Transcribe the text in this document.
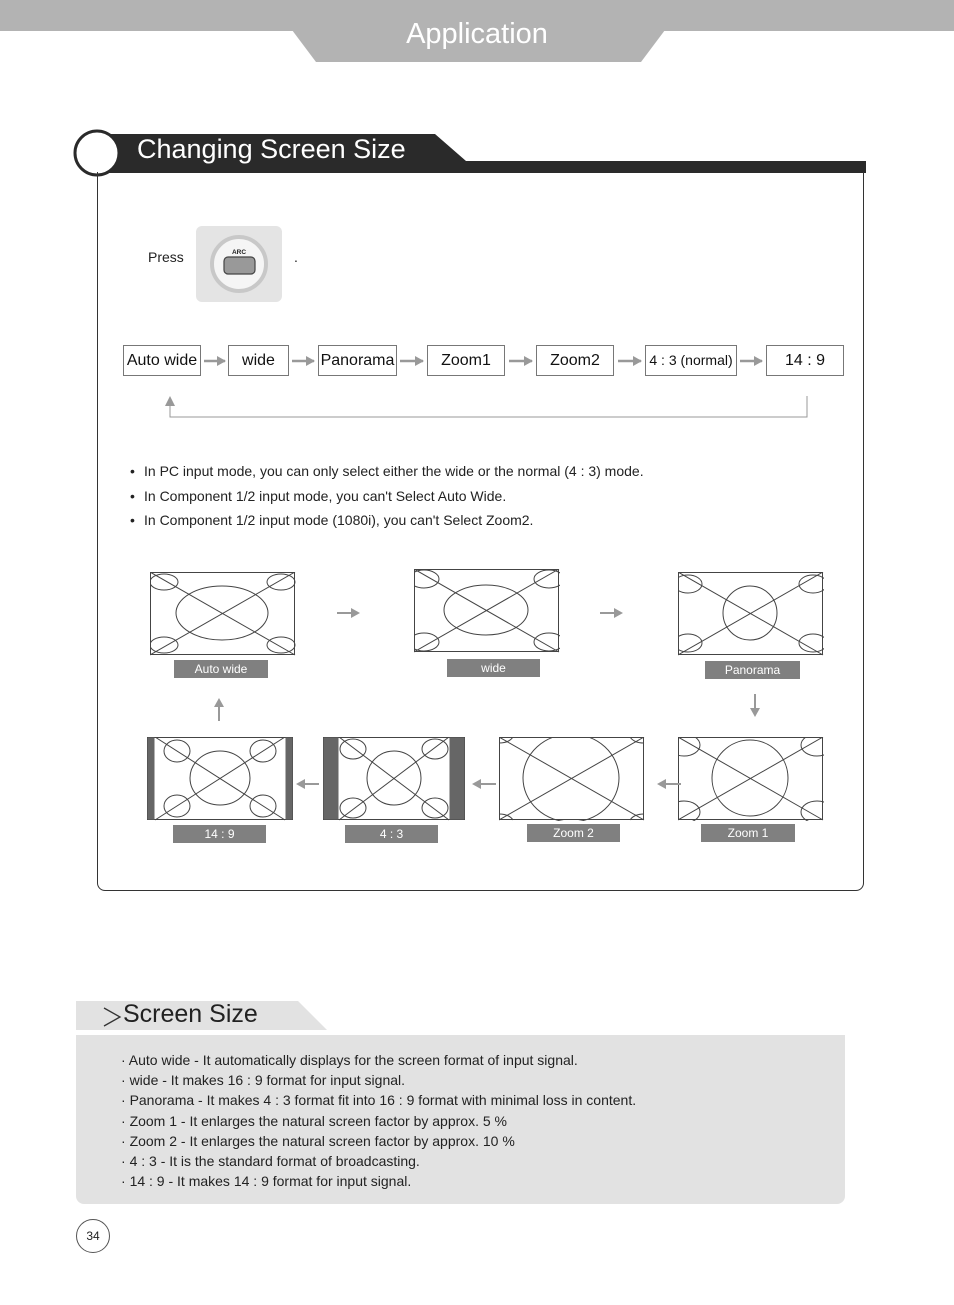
Application
Changing Screen Size
Press	ARC	.
Auto wide	wide	Panorama	Zoom1	Zoom2	4 : 3 (normal)	14 : 9
• In PC input mode, you can only select either the wide or the normal (4 : 3) mode.
• In Component 1/2 input mode, you can't Select Auto Wide.
• In Component 1/2 input mode (1080i), you can't Select Zoom2.
Auto wide	wide	Panorama
14 : 9	4 : 3	Zoom 2	Zoom 1
Screen Size
· Auto wide - It automatically displays for the screen format of input signal.
· wide - It makes 16 : 9 format for input signal.
· Panorama - It makes 4 : 3 format fit into 16 : 9 format with minimal loss in content.
· Zoom 1 - It enlarges the natural screen factor by approx. 5 %
· Zoom 2 - It enlarges the natural screen factor by approx. 10 %
· 4 : 3 - It is the standard format of broadcasting.
· 14 : 9 - It makes 14 : 9 format for input signal.
34
